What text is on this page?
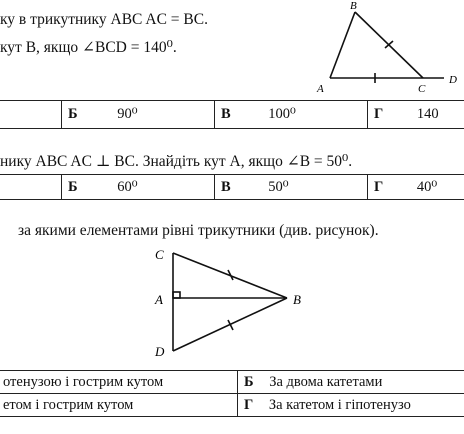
ку в трикутнику ABC AC = BC.
кут B, якщо ∠BCD = 140⁰.
B
A	C
D
	Б	90⁰	В	100⁰	Г 140
нику ABC AC ⊥ BC. Знайдіть кут A, якщо ∠B = 50⁰.
	Б	60⁰	В	50⁰	Г 40⁰
за якими елементами рівні трикутники (див. рисунок).
C
A	B
D
отенузою і гострим кутом	Б За двома катетами
етом і гострим кутом	Г За катетом і гіпотенузо
